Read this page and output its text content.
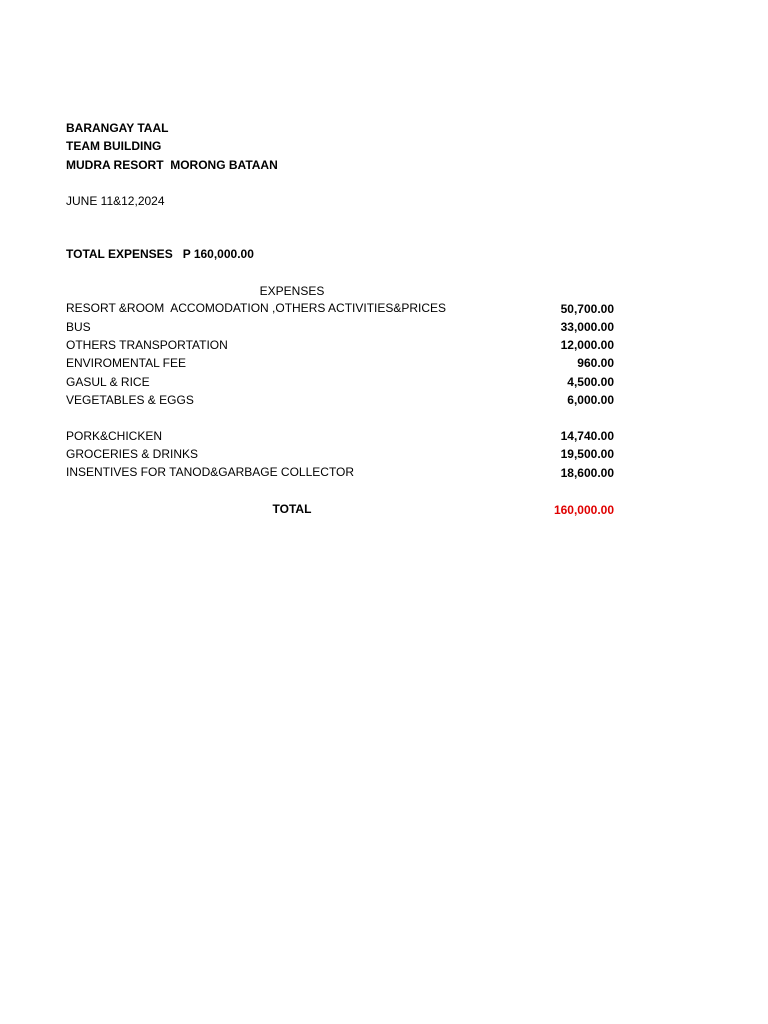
BARANGAY TAAL
TEAM BUILDING
MUDRA RESORT  MORONG BATAAN
JUNE 11&12,2024
TOTAL EXPENSES   P 160,000.00
EXPENSES
RESORT &ROOM  ACCOMODATION ,OTHERS ACTIVITIES&PRICES	50,700.00
BUS	33,000.00
OTHERS TRANSPORTATION	12,000.00
ENVIROMENTAL FEE	960.00
GASUL & RICE	4,500.00
VEGETABLES & EGGS	6,000.00
PORK&CHICKEN	14,740.00
GROCERIES & DRINKS	19,500.00
INSENTIVES FOR TANOD&GARBAGE COLLECTOR	18,600.00
TOTAL	160,000.00
